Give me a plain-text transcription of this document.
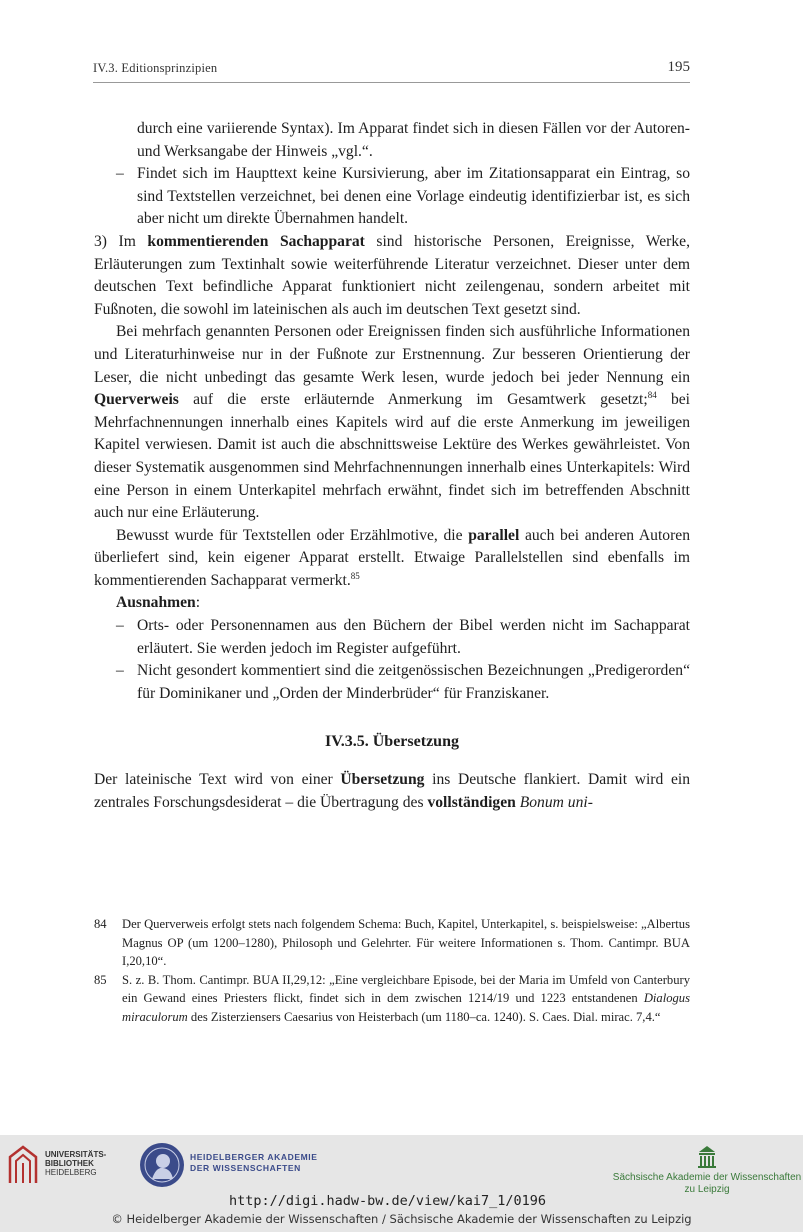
IV.3. Editionsprinzipien	195

durch eine variierende Syntax). Im Apparat findet sich in diesen Fällen vor der Autoren- und Werksangabe der Hinweis „vgl.“.

– Findet sich im Haupttext keine Kursivierung, aber im Zitationsapparat ein Eintrag, so sind Textstellen verzeichnet, bei denen eine Vorlage eindeutig identifizierbar ist, es sich aber nicht um direkte Übernahmen handelt.

3) Im kommentierenden Sachapparat sind historische Personen, Ereignisse, Werke, Erläuterungen zum Textinhalt sowie weiterführende Literatur verzeichnet. Dieser unter dem deutschen Text befindliche Apparat funktioniert nicht zeilengenau, sondern arbeitet mit Fußnoten, die sowohl im lateinischen als auch im deutschen Text gesetzt sind.

Bei mehrfach genannten Personen oder Ereignissen finden sich ausführliche Informationen und Literaturhinweise nur in der Fußnote zur Erstnennung. Zur besseren Orientierung der Leser, die nicht unbedingt das gesamte Werk lesen, wurde jedoch bei jeder Nennung ein Querverweis auf die erste erläuternde Anmerkung im Gesamtwerk gesetzt;$^{84}$ bei Mehrfachnennungen innerhalb eines Kapitels wird auf die erste Anmerkung im jeweiligen Kapitel verwiesen. Damit ist auch die abschnittsweise Lektüre des Werkes gewährleistet. Von dieser Systematik ausgenommen sind Mehrfachnennungen innerhalb eines Unterkapitels: Wird eine Person in einem Unterkapitel mehrfach erwähnt, findet sich im betreffenden Abschnitt auch nur eine Erläuterung.

Bewusst wurde für Textstellen oder Erzählmotive, die parallel auch bei anderen Autoren überliefert sind, kein eigener Apparat erstellt. Etwaige Parallelstellen sind ebenfalls im kommentierenden Sachapparat vermerkt.$^{85}$

Ausnahmen:

– Orts- oder Personennamen aus den Büchern der Bibel werden nicht im Sachapparat erläutert. Sie werden jedoch im Register aufgeführt.

– Nicht gesondert kommentiert sind die zeitgenössischen Bezeichnungen „Predigerorden“ für Dominikaner und „Orden der Minderbrüder“ für Franziskaner.

IV.3.5. Übersetzung

Der lateinische Text wird von einer Übersetzung ins Deutsche flankiert. Damit wird ein zentrales Forschungsdesiderat – die Übertragung des vollständigen Bonum uni-

84	Der Querverweis erfolgt stets nach folgendem Schema: Buch, Kapitel, Unterkapitel, s. beispielsweise: „Albertus Magnus OP (um 1200–1280), Philosoph und Gelehrter. Für weitere Informationen s. Thom. Cantimpr. BUA I,20,10“.
85	S. z. B. Thom. Cantimpr. BUA II,29,12: „Eine vergleichbare Episode, bei der Maria im Umfeld von Canterbury ein Gewand eines Priesters flickt, findet sich in dem zwischen 1214/19 und 1223 entstandenen Dialogus miraculorum des Zisterziensers Caesarius von Heisterbach (um 1180–ca. 1240). S. Caes. Dial. mirac. 7,4.“
UNIVERSITÄTS-
BIBLIOTHEK
HEIDELBERG
HEIDELBERGER AKADEMIE
DER WISSENSCHAFTEN
Sächsische Akademie der Wissenschaften
zu Leipzig
http://digi.hadw-bw.de/view/kai7_1/0196
© Heidelberger Akademie der Wissenschaften / Sächsische Akademie der Wissenschaften zu Leipzig
